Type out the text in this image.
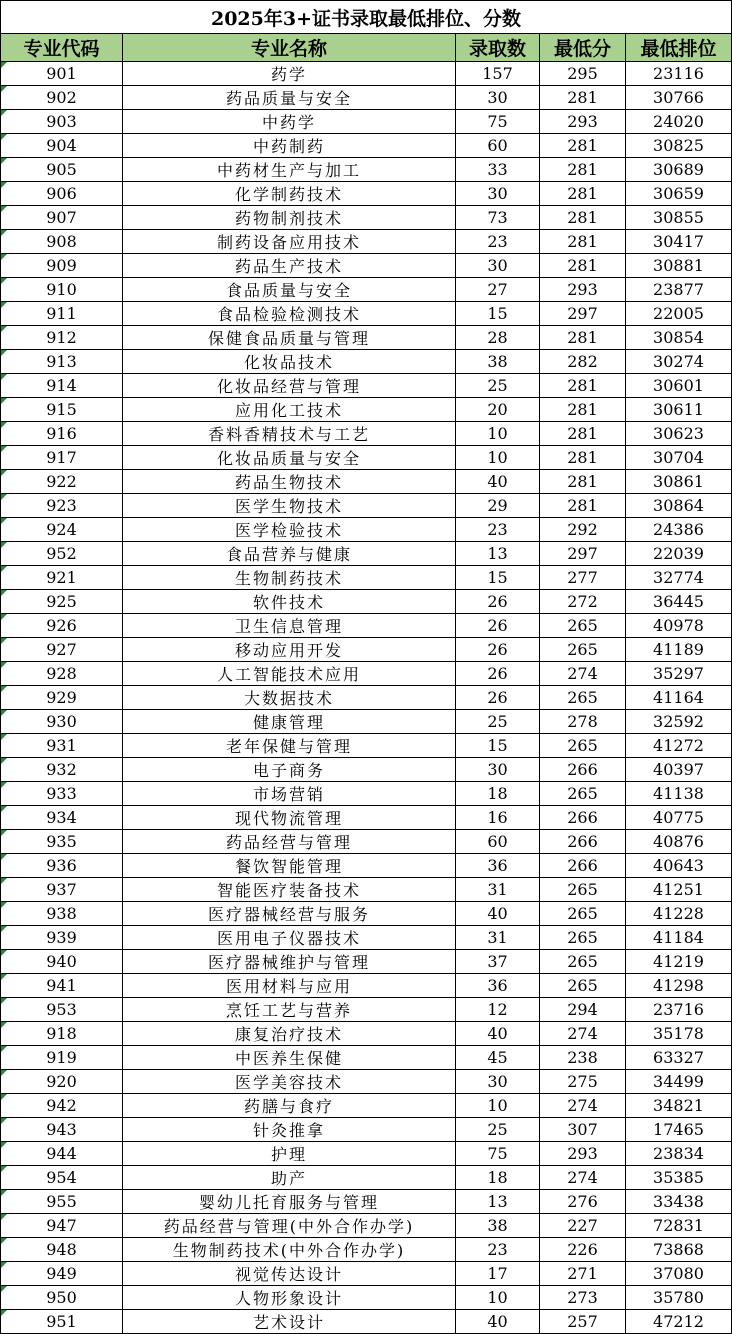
2025年3+证书录取最低排位、分数				
专业代码	专业名称	录取数	最低分	最低排位
901	药学	157	295	23116
902	药品质量与安全	30	281	30766
903	中药学	75	293	24020
904	中药制药	60	281	30825
905	中药材生产与加工	33	281	30689
906	化学制药技术	30	281	30659
907	药物制剂技术	73	281	30855
908	制药设备应用技术	23	281	30417
909	药品生产技术	30	281	30881
910	食品质量与安全	27	293	23877
911	食品检验检测技术	15	297	22005
912	保健食品质量与管理	28	281	30854
913	化妆品技术	38	282	30274
914	化妆品经营与管理	25	281	30601
915	应用化工技术	20	281	30611
916	香料香精技术与工艺	10	281	30623
917	化妆品质量与安全	10	281	30704
922	药品生物技术	40	281	30861
923	医学生物技术	29	281	30864
924	医学检验技术	23	292	24386
952	食品营养与健康	13	297	22039
921	生物制药技术	15	277	32774
925	软件技术	26	272	36445
926	卫生信息管理	26	265	40978
927	移动应用开发	26	265	41189
928	人工智能技术应用	26	274	35297
929	大数据技术	26	265	41164
930	健康管理	25	278	32592
931	老年保健与管理	15	265	41272
932	电子商务	30	266	40397
933	市场营销	18	265	41138
934	现代物流管理	16	266	40775
935	药品经营与管理	60	266	40876
936	餐饮智能管理	36	266	40643
937	智能医疗装备技术	31	265	41251
938	医疗器械经营与服务	40	265	41228
939	医用电子仪器技术	31	265	41184
940	医疗器械维护与管理	37	265	41219
941	医用材料与应用	36	265	41298
953	烹饪工艺与营养	12	294	23716
918	康复治疗技术	40	274	35178
919	中医养生保健	45	238	63327
920	医学美容技术	30	275	34499
942	药膳与食疗	10	274	34821
943	针灸推拿	25	307	17465
944	护理	75	293	23834
954	助产	18	274	35385
955	婴幼儿托育服务与管理	13	276	33438
947	药品经营与管理(中外合作办学)	38	227	72831
948	生物制药技术(中外合作办学)	23	226	73868
949	视觉传达设计	17	271	37080
950	人物形象设计	10	273	35780
951	艺术设计	40	257	47212
